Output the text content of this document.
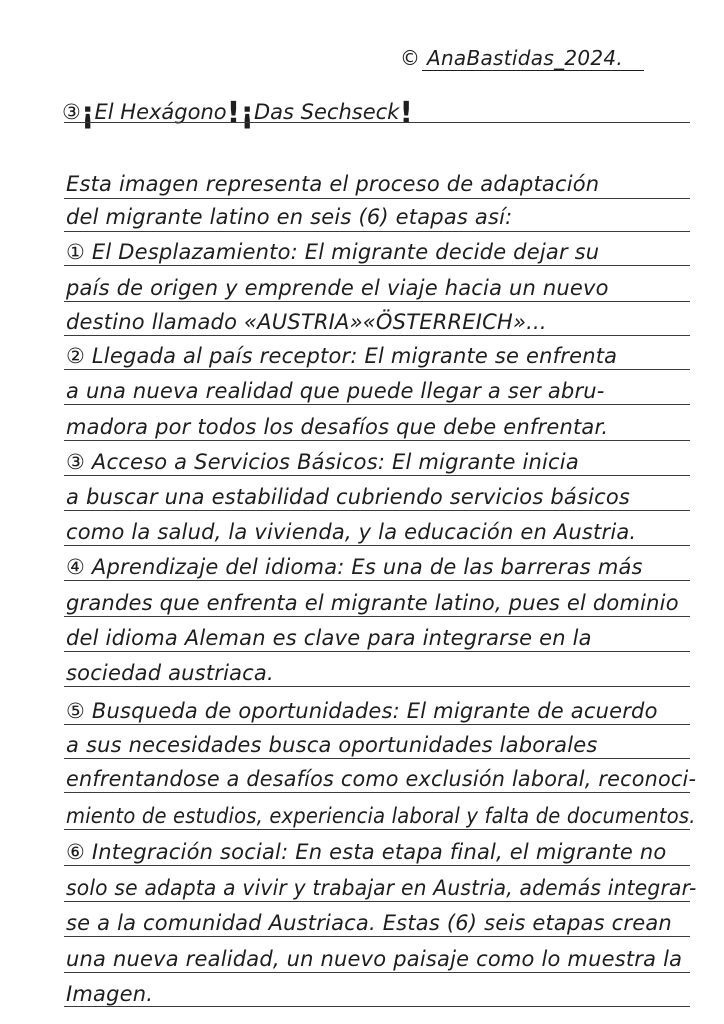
© AnaBastidas_2024.
③¡El Hexágono!¡Das Sechseck!
Esta imagen representa el proceso de adaptación
del migrante latino en seis (6) etapas así:
① El Desplazamiento: El migrante decide dejar su
país de origen y emprende el viaje hacia un nuevo
destino llamado «AUSTRIA»«ÖSTERREICH»...
② Llegada al país receptor: El migrante se enfrenta
a una nueva realidad que puede llegar a ser abru-
madora por todos los desafíos que debe enfrentar.
③ Acceso a Servicios Básicos: El migrante inicia
a buscar una estabilidad cubriendo servicios básicos
como la salud, la vivienda, y la educación en Austria.
④ Aprendizaje del idioma: Es una de las barreras más
grandes que enfrenta el migrante latino, pues el dominio
del idioma Aleman es clave para integrarse en la
sociedad austriaca.
⑤ Busqueda de oportunidades: El migrante de acuerdo
a sus necesidades busca oportunidades laborales
enfrentandose a desafíos como exclusión laboral, reconoci-
miento de estudios, experiencia laboral y falta de documentos.
⑥ Integración social: En esta etapa final, el migrante no
solo se adapta a vivir y trabajar en Austria, además integrar-
se a la comunidad Austriaca. Estas (6) seis etapas crean
una nueva realidad, un nuevo paisaje como lo muestra la
Imagen.
